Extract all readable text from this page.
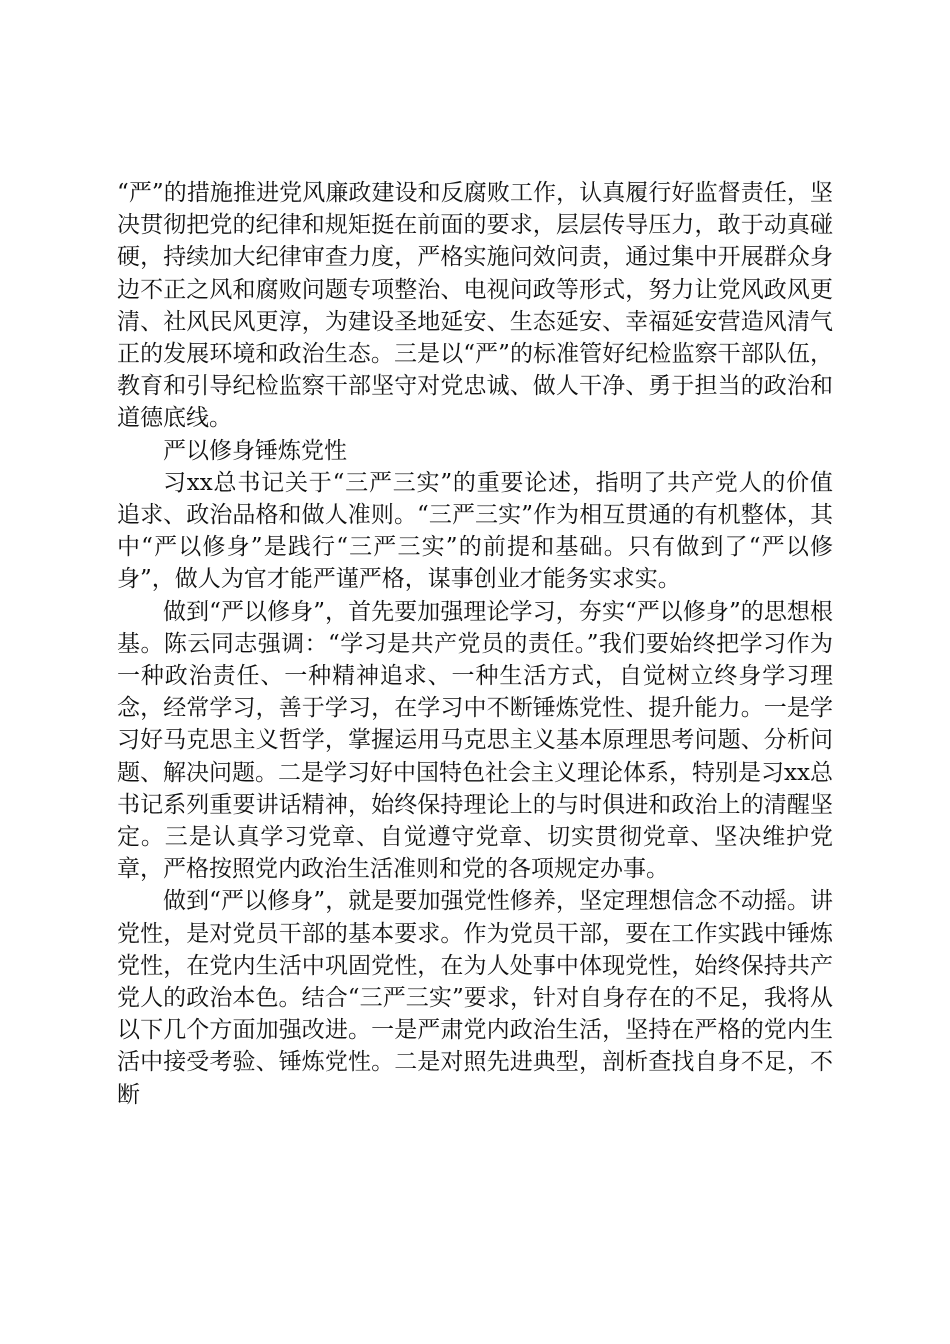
“严”的措施推进党风廉政建设和反腐败工作，认真履行好监督责任，坚决贯彻把党的纪律和规矩挺在前面的要求，层层传导压力，敢于动真碰硬，持续加大纪律审查力度，严格实施问效问责，通过集中开展群众身边不正之风和腐败问题专项整治、电视问政等形式，努力让党风政风更清、社风民风更淳，为建设圣地延安、生态延安、幸福延安营造风清气正的发展环境和政治生态。三是以“严”的标准管好纪检监察干部队伍，教育和引导纪检监察干部坚守对党忠诚、做人干净、勇于担当的政治和道德底线。

严以修身锤炼党性

习xx总书记关于“三严三实”的重要论述，指明了共产党人的价值追求、政治品格和做人准则。“三严三实”作为相互贯通的有机整体，其中“严以修身”是践行“三严三实”的前提和基础。只有做到了“严以修身”，做人为官才能严谨严格，谋事创业才能务实求实。

做到“严以修身”，首先要加强理论学习，夯实“严以修身”的思想根基。陈云同志强调：“学习是共产党员的责任。”我们要始终把学习作为一种政治责任、一种精神追求、一种生活方式，自觉树立终身学习理念，经常学习，善于学习，在学习中不断锤炼党性、提升能力。一是学习好马克思主义哲学，掌握运用马克思主义基本原理思考问题、分析问题、解决问题。二是学习好中国特色社会主义理论体系，特别是习xx总书记系列重要讲话精神，始终保持理论上的与时俱进和政治上的清醒坚定。三是认真学习党章、自觉遵守党章、切实贯彻党章、坚决维护党章，严格按照党内政治生活准则和党的各项规定办事。

做到“严以修身”，就是要加强党性修养，坚定理想信念不动摇。讲党性，是对党员干部的基本要求。作为党员干部，要在工作实践中锤炼党性，在党内生活中巩固党性，在为人处事中体现党性，始终保持共产党人的政治本色。结合“三严三实”要求，针对自身存在的不足，我将从以下几个方面加强改进。一是严肃党内政治生活，坚持在严格的党内生活中接受考验、锤炼党性。二是对照先进典型，剖析查找自身不足，不断
